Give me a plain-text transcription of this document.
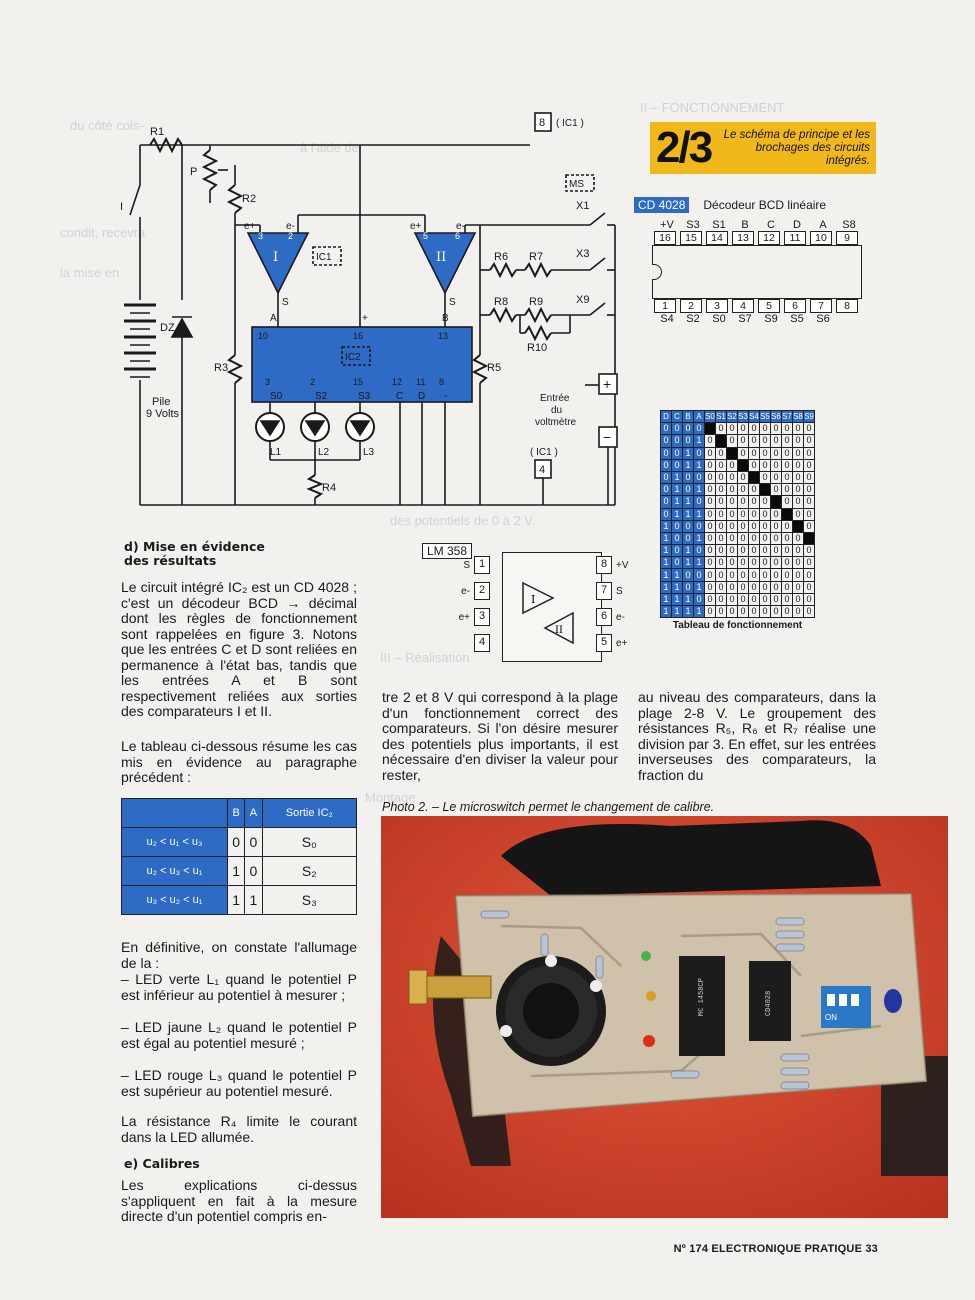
du côté cols-
à l'aide de
condit, recevra
la mise en
des potentiels de 0 à 2 V.
III – Réalisation
Montage
II – FONCTIONNEMENT
R1
P
R2
I
DZ
R3
Pile
9 Volts
IC1
8 ( IC1 )
IC2
MS
X1
X3
X9
R6 R7
R8 R9
R10
R5
R4
I	II
L1	L2	L3
Entrée
du
voltmètre
( IC1 )
4
+
−
e+	e-	e+	e-
S	S
A	B
+
10	16	13
3	2	15	12 11 8
3	2	5	6
S0	S2	S3	C D -
2/3	Le schéma de principe et les brochages des circuits intégrés.
CD 4028	Décodeur BCD linéaire
+V	S3	S1	B	C	D	A	S8
16	15	14	13	12	11	10	9
1	2	3	4	5	6	7	8
S4	S2	S0	S7	S9	S5	S6
D	C	B	A	S0	S1	S2	S3	S4	S5	S6	S7	S8	S9
0	0	0	0	1	0	0	0	0	0	0	0	0	0
0	0	0	1	0	1	0	0	0	0	0	0	0	0
0	0	1	0	0	0	1	0	0	0	0	0	0	0
0	0	1	1	0	0	0	1	0	0	0	0	0	0
0	1	0	0	0	0	0	0	1	0	0	0	0	0
0	1	0	1	0	0	0	0	0	1	0	0	0	0
0	1	1	0	0	0	0	0	0	0	1	0	0	0
0	1	1	1	0	0	0	0	0	0	0	1	0	0
1	0	0	0	0	0	0	0	0	0	0	0	1	0
1	0	0	1	0	0	0	0	0	0	0	0	0	1
1	0	1	0	0	0	0	0	0	0	0	0	0	0
1	0	1	1	0	0	0	0	0	0	0	0	0	0
1	1	0	0	0	0	0	0	0	0	0	0	0	0
1	1	0	1	0	0	0	0	0	0	0	0	0	0
1	1	1	0	0	0	0	0	0	0	0	0	0	0
1	1	1	1	0	0	0	0	0	0	0	0	0	0
Tableau de fonctionnement
LM 358
I
II
S 1
e- 2
e+ 3
4
8 +V
7 S
6 e-
5 e+
d) Mise en évidence des résultats
Le circuit intégré IC₂ est un CD 4028 ; c'est un décodeur BCD → décimal dont les règles de fonctionnement sont rappelées en figure 3. Notons que les entrées C et D sont reliées en permanence à l'état bas, tandis que les entrées A et B sont respectivement reliées aux sorties des comparateurs I et II.
Le tableau ci-dessous résume les cas mis en évidence au paragraphe précédent :
	B	A	Sortie IC₂
u₂ < u₁ < u₃	0	0	S₀
u₂ < u₃ < u₁	1	0	S₂
u₃ < u₂ < u₁	1	1	S₃
En définitive, on constate l'allumage de la :
– LED verte L₁ quand le potentiel P est inférieur au potentiel à mesurer ;
– LED jaune L₂ quand le potentiel P est égal au potentiel mesuré ;
– LED rouge L₃ quand le potentiel P est supérieur au potentiel mesuré.
La résistance R₄ limite le courant dans la LED allumée.
e) Calibres
Les explications ci-dessus s'appliquent en fait à la mesure directe d'un potentiel compris en-
tre 2 et 8 V qui correspond à la plage d'un fonctionnement correct des comparateurs. Si l'on désire mesurer des potentiels plus importants, il est nécessaire d'en diviser la valeur pour rester,
au niveau des comparateurs, dans la plage 2-8 V. Le groupement des résistances R₅, R₆ et R₇ réalise une division par 3. En effet, sur les entrées inverseuses des comparateurs, la fraction du
Photo 2. – Le microswitch permet le changement de calibre.
MC 1458CP	CD4028
ON
Nº 174 ELECTRONIQUE PRATIQUE 33
